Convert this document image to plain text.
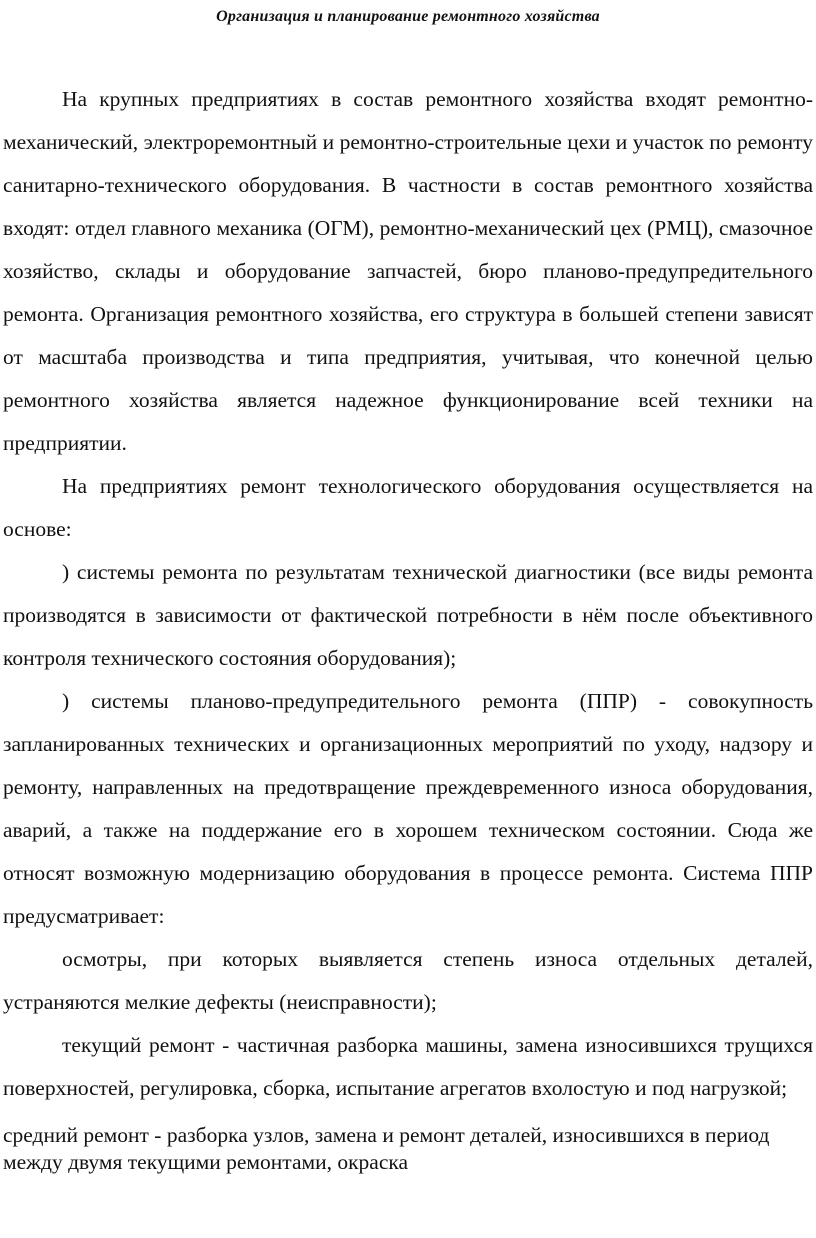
Организация и планирование ремонтного хозяйства

На крупных предприятиях в состав ремонтного хозяйства входят ремонтно-механический, электроремонтный и ремонтно-строительные цехи и участок по ремонту санитарно-технического оборудования. В частности в состав ремонтного хозяйства входят: отдел главного механика (ОГМ), ремонтно-механический цех (РМЦ), смазочное хозяйство, склады и оборудование запчастей, бюро планово-предупредительного ремонта. Организация ремонтного хозяйства, его структура в большей степени зависят от масштаба производства и типа предприятия, учитывая, что конечной целью ремонтного хозяйства является надежное функционирование всей техники на предприятии.

На предприятиях ремонт технологического оборудования осуществляется на основе:

) системы ремонта по результатам технической диагностики (все виды ремонта производятся в зависимости от фактической потребности в нём после объективного контроля технического состояния оборудования);

) системы планово-предупредительного ремонта (ППР) - совокупность запланированных технических и организационных мероприятий по уходу, надзору и ремонту, направленных на предотвращение преждевременного износа оборудования, аварий, а также на поддержание его в хорошем техническом состоянии. Сюда же относят возможную модернизацию оборудования в процессе ремонта. Система ППР предусматривает:

осмотры, при которых выявляется степень износа отдельных деталей, устраняются мелкие дефекты (неисправности);

текущий ремонт - частичная разборка машины, замена износившихся трущихся поверхностей, регулировка, сборка, испытание агрегатов вхолостую и под нагрузкой;

средний ремонт - разборка узлов, замена и ремонт деталей, износившихся в период между двумя текущими ремонтами, окраска
